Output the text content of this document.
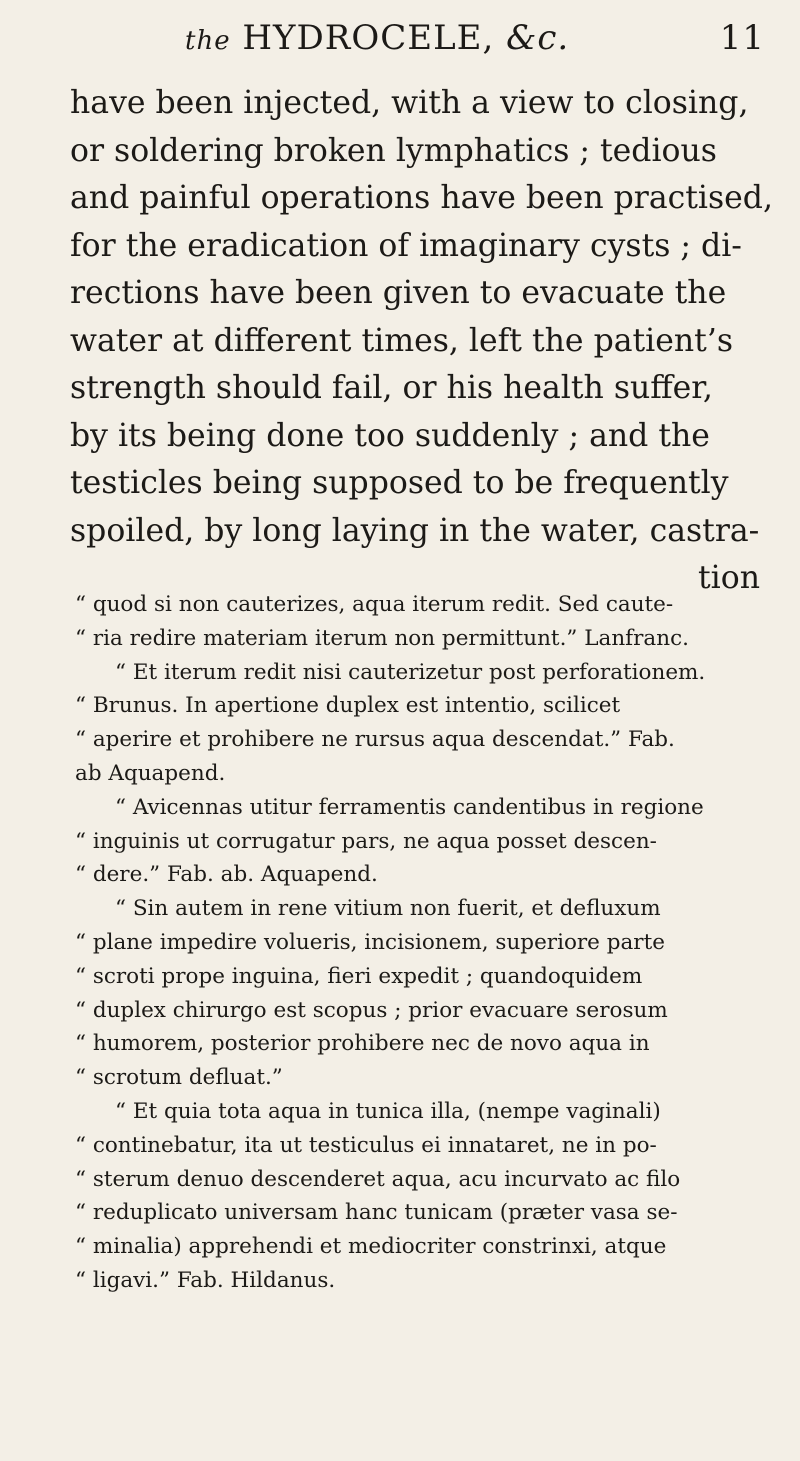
the HYDROCELE, &c.	11
have been injected, with a view to closing,
or soldering broken lymphatics ; tedious
and painful operations have been practised,
for the eradication of imaginary cysts ; di-
rections have been given to evacuate the
water at different times, left the patient’s
strength should fail, or his health suffer,
by its being done too suddenly ; and the
testicles being supposed to be frequently
spoiled, by long laying in the water, castra-
tion
“ quod si non cauterizes, aqua iterum redit. Sed caute-
“ ria redire materiam iterum non permittunt.” Lanfranc.
“ Et iterum redit nisi cauterizetur post perforationem.
“ Brunus. In apertione duplex est intentio, scilicet
“ aperire et prohibere ne rursus aqua descendat.” Fab.
ab Aquapend.
“ Avicennas utitur ferramentis candentibus in regione
“ inguinis ut corrugatur pars, ne aqua posset descen-
“ dere.” Fab. ab. Aquapend.
“ Sin autem in rene vitium non fuerit, et defluxum
“ plane impedire volueris, incisionem, superiore parte
“ scroti prope inguina, fieri expedit ; quandoquidem
“ duplex chirurgo est scopus ; prior evacuare serosum
“ humorem, posterior prohibere nec de novo aqua in
“ scrotum defluat.”
“ Et quia tota aqua in tunica illa, (nempe vaginali)
“ continebatur, ita ut testiculus ei innataret, ne in po-
“ sterum denuo descenderet aqua, acu incurvato ac filo
“ reduplicato universam hanc tunicam (præter vasa se-
“ minalia) apprehendi et mediocriter constrinxi, atque
“ ligavi.” Fab. Hildanus.
